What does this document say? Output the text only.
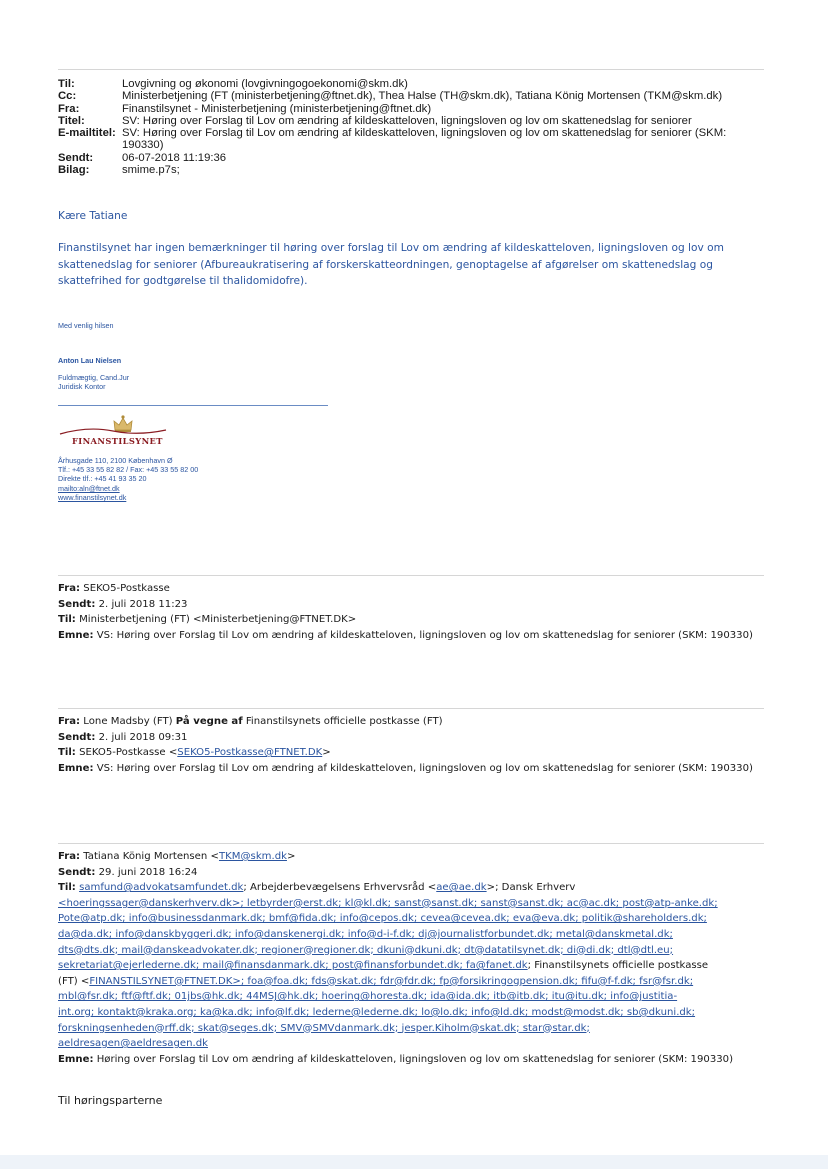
Til:	Lovgivning og økonomi (lovgivningogoekonomi@skm.dk)
Cc:	Ministerbetjening (FT (ministerbetjening@ftnet.dk), Thea Halse (TH@skm.dk), Tatiana König Mortensen (TKM@skm.dk)
Fra:	Finanstilsynet - Ministerbetjening (ministerbetjening@ftnet.dk)
Titel:	SV: Høring over Forslag til Lov om ændring af kildeskatteloven, ligningsloven og lov om skattenedslag for seniorer
E-mailtitel: SV: Høring over Forslag til Lov om ændring af kildeskatteloven, ligningsloven og lov om skattenedslag for seniorer (SKM: 190330)
Sendt:	06-07-2018 11:19:36
Bilag:	smime.p7s;
Kære Tatiane
Finanstilsynet har ingen bemærkninger til høring over forslag til Lov om ændring af kildeskatteloven, ligningsloven og lov om skattenedslag for seniorer (Afbureaukratisering af forskerskatteordningen, genoptagelse af afgørelser om skattenedslag og skattefrihed for godtgørelse til thalidomidofre).
Med venlig hilsen
Anton Lau Nielsen
Fuldmægtig, Cand.Jur
Juridisk Kontor
FINANSTILSYNET
Århusgade 110, 2100 København Ø
Tlf.: +45 33 55 82 82 / Fax: +45 33 55 82 00
Direkte tlf.: +45 41 93 35 20
mailto:aln@ftnet.dk
www.finanstilsynet.dk
Fra: SEKO5-Postkasse
Sendt: 2. juli 2018 11:23
Til: Ministerbetjening (FT) <Ministerbetjening@FTNET.DK>
Emne: VS: Høring over Forslag til Lov om ændring af kildeskatteloven, ligningsloven og lov om skattenedslag for seniorer (SKM: 190330)
Fra: Lone Madsby (FT) På vegne af Finanstilsynets officielle postkasse (FT)
Sendt: 2. juli 2018 09:31
Til: SEKO5-Postkasse <SEKO5-Postkasse@FTNET.DK>
Emne: VS: Høring over Forslag til Lov om ændring af kildeskatteloven, ligningsloven og lov om skattenedslag for seniorer (SKM: 190330)
Fra: Tatiana König Mortensen <TKM@skm.dk>
Sendt: 29. juni 2018 16:24
Til: samfund@advokatsamfundet.dk; Arbejderbevægelsens Erhvervsråd <ae@ae.dk>; Dansk Erhverv
<hoeringssager@danskerhverv.dk>; letbyrder@erst.dk; kl@kl.dk; sanst@sanst.dk; sanst@sanst.dk; ac@ac.dk; post@atp-anke.dk;
Pote@atp.dk; info@businessdanmark.dk; bmf@fida.dk; info@cepos.dk; cevea@cevea.dk; eva@eva.dk; politik@shareholders.dk;
da@da.dk; info@danskbyggeri.dk; info@danskenergi.dk; info@d-i-f.dk; dj@journalistforbundet.dk; metal@danskmetal.dk;
dts@dts.dk; mail@danskeadvokater.dk; regioner@regioner.dk; dkuni@dkuni.dk; dt@datatilsynet.dk; di@di.dk; dtl@dtl.eu;
sekretariat@ejerlederne.dk; mail@finansdanmark.dk; post@finansforbundet.dk; fa@fanet.dk; Finanstilsynets officielle postkasse
(FT) <FINANSTILSYNET@FTNET.DK>; foa@foa.dk; fds@skat.dk; fdr@fdr.dk; fp@forsikringogpension.dk; fifu@f-f.dk; fsr@fsr.dk;
mbl@fsr.dk; ftf@ftf.dk; 01jbs@hk.dk; 44MSJ@hk.dk; hoering@horesta.dk; ida@ida.dk; itb@itb.dk; itu@itu.dk; info@justitia-
int.org; kontakt@kraka.org; ka@ka.dk; info@lf.dk; lederne@lederne.dk; lo@lo.dk; info@ld.dk; modst@modst.dk; sb@dkuni.dk;
forskningsenheden@rff.dk; skat@seges.dk; SMV@SMVdanmark.dk; jesper.Kiholm@skat.dk; star@star.dk;
aeldresagen@aeldresagen.dk
Emne: Høring over Forslag til Lov om ændring af kildeskatteloven, ligningsloven og lov om skattenedslag for seniorer (SKM: 190330)
Til høringsparterne
